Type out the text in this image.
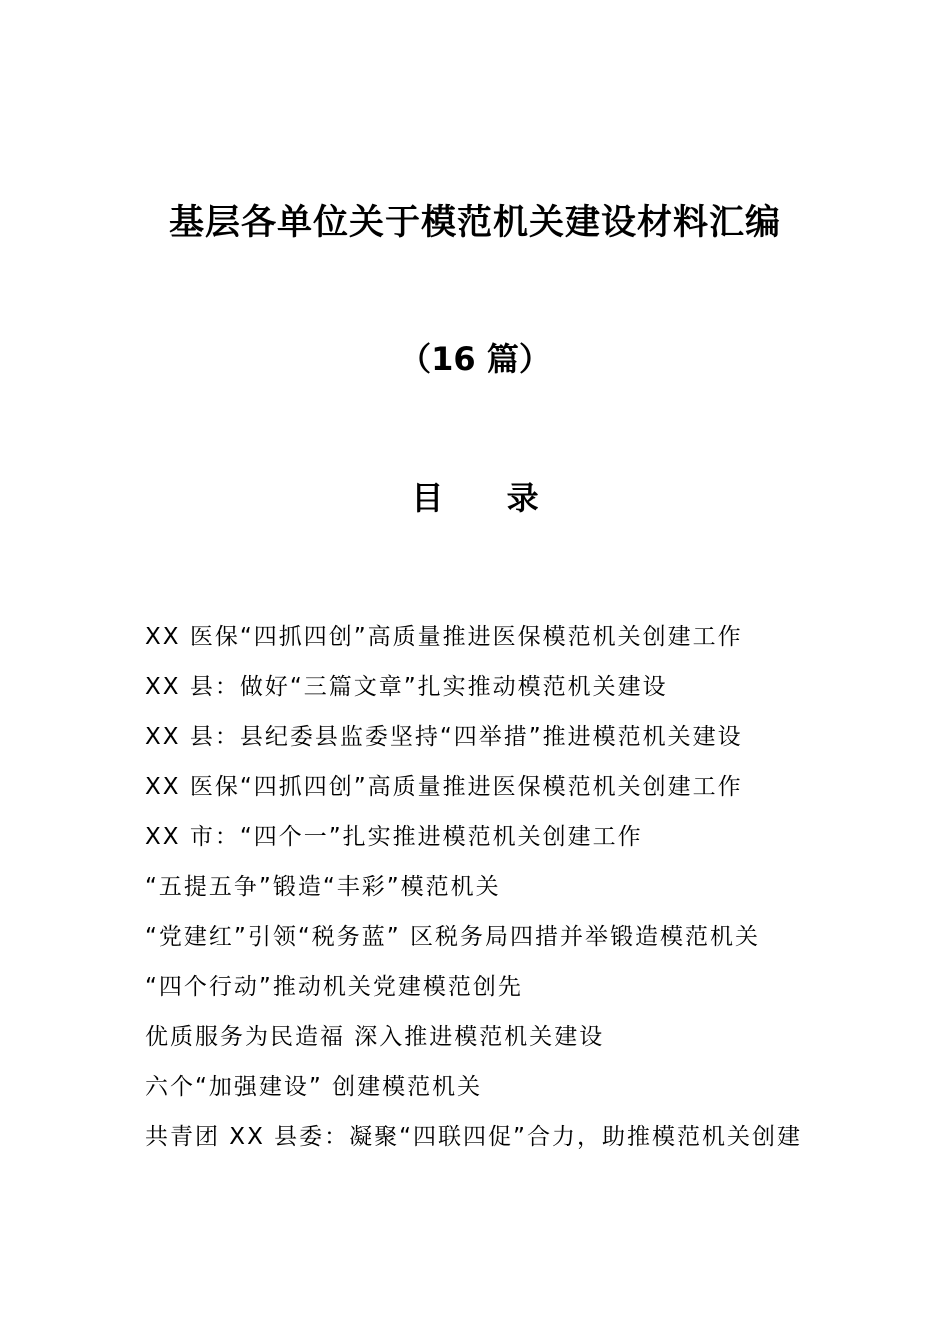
基层各单位关于模范机关建设材料汇编
（16 篇）
目 录
XX 医保“四抓四创”高质量推进医保模范机关创建工作
XX 县：做好“三篇文章”扎实推动模范机关建设
XX 县：县纪委县监委坚持“四举措”推进模范机关建设
XX 医保“四抓四创”高质量推进医保模范机关创建工作
XX 市：“四个一”扎实推进模范机关创建工作
“五提五争”锻造“丰彩”模范机关
“党建红”引领“税务蓝” 区税务局四措并举锻造模范机关
“四个行动”推动机关党建模范创先
优质服务为民造福 深入推进模范机关建设
六个“加强建设” 创建模范机关
共青团 XX 县委：凝聚“四联四促”合力，助推模范机关创建
